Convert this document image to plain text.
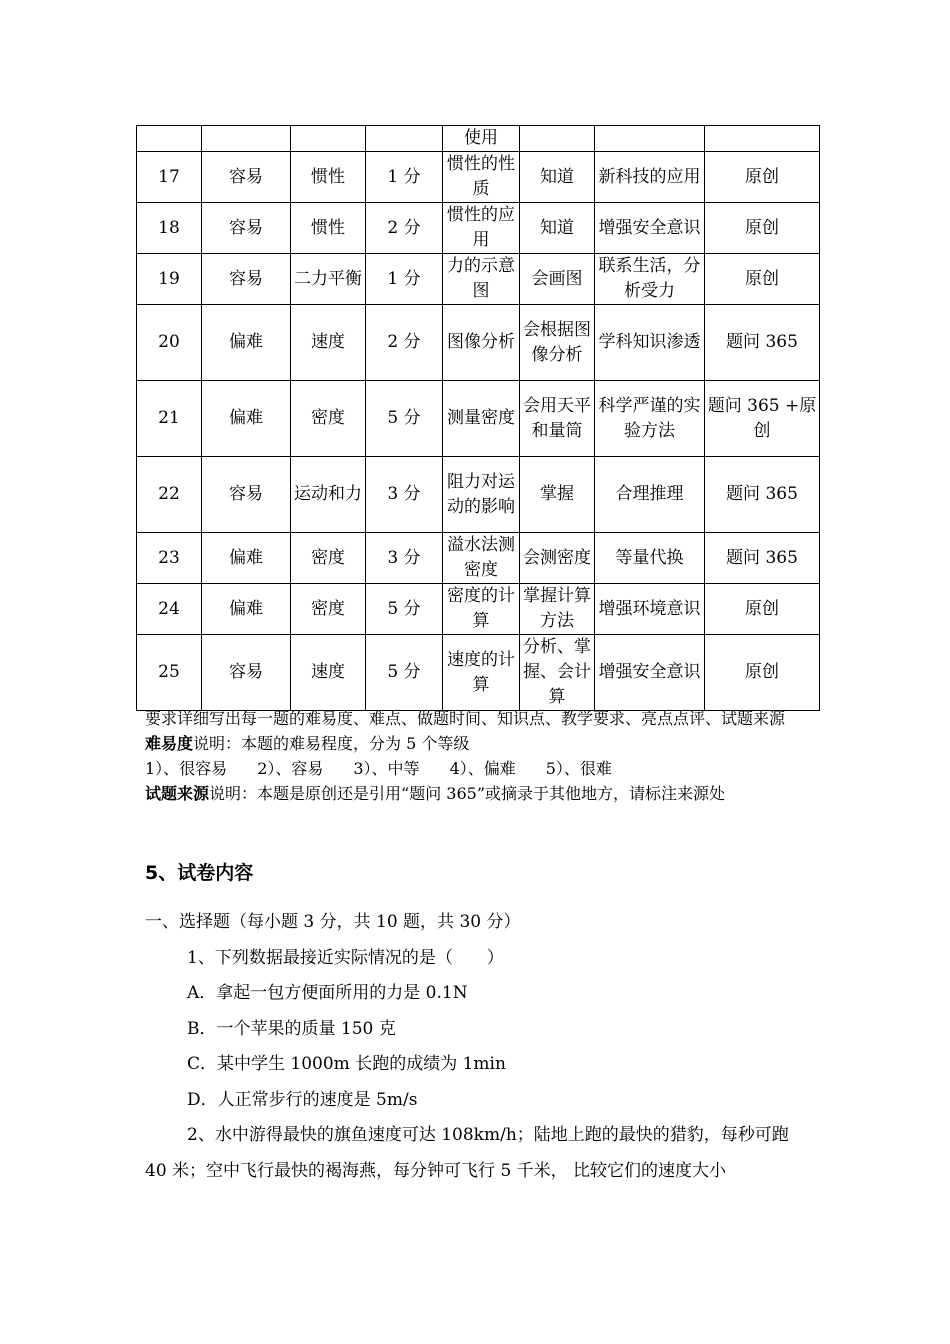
				使用			
17	容易	惯性	1 分	惯性的性质	知道	新科技的应用	原创
18	容易	惯性	2 分	惯性的应用	知道	增强安全意识	原创
19	容易	二力平衡	1 分	力的示意图	会画图	联系生活，分析受力	原创
20	偏难	速度	2 分	图像分析	会根据图像分析	学科知识渗透	题问 365
21	偏难	密度	5 分	测量密度	会用天平和量筒	科学严谨的实验方法	题问 365 +原创
22	容易	运动和力	3 分	阻力对运动的影响	掌握	合理推理	题问 365
23	偏难	密度	3 分	溢水法测密度	会测密度	等量代换	题问 365
24	偏难	密度	5 分	密度的计算	掌握计算方法	增强环境意识	原创
25	容易	速度	5 分	速度的计算	分析、掌握、会计算	增强安全意识	原创

要求详细写出每一题的难易度、难点、做题时间、知识点、教学要求、亮点点评、试题来源

难易度说明：本题的难易程度，分为 5 个等级

1）、很容易 2）、容易 3）、中等 4）、偏难 5）、很难

试题来源说明：本题是原创还是引用“题问 365”或摘录于其他地方，请标注来源处

5、试卷内容

一、选择题（每小题 3 分，共 10 题，共 30 分）

1、下列数据最接近实际情况的是（　　）

A．拿起一包方便面所用的力是 0.1N

B．一个苹果的质量 150 克

C．某中学生 1000m 长跑的成绩为 1min

D．人正常步行的速度是 5m/s

2、水中游得最快的旗鱼速度可达 108km/h；陆地上跑的最快的猎豹，每秒可跑 40 米；空中飞行最快的褐海燕，每分钟可飞行 5 千米， 比较它们的速度大小
